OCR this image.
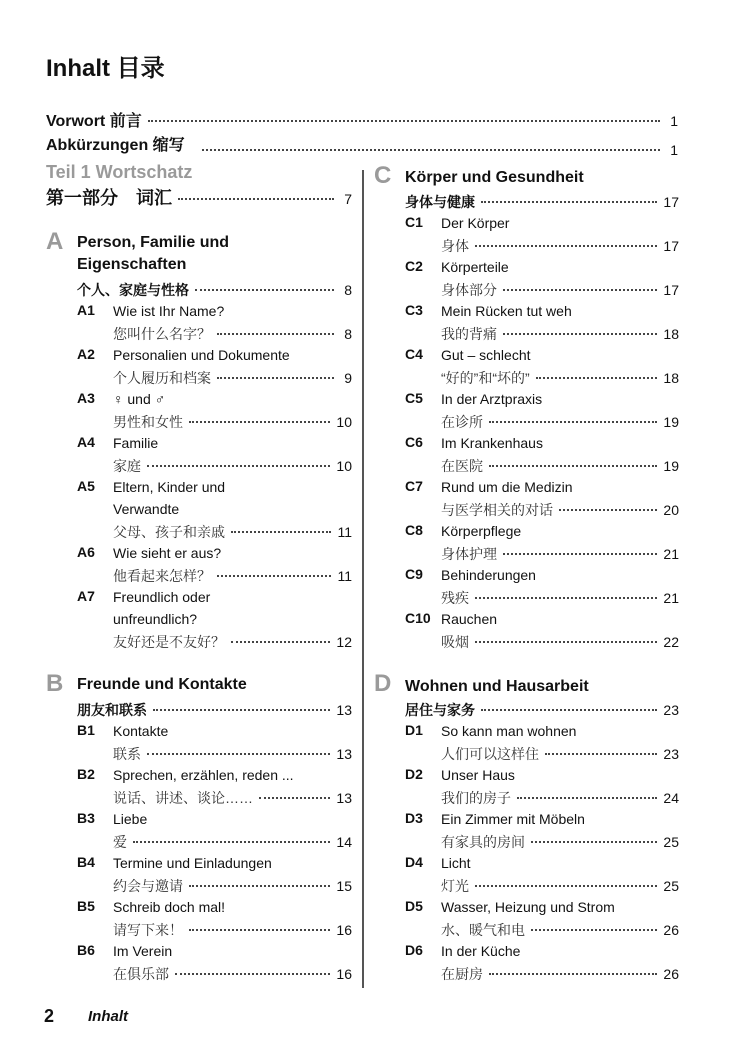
Inhalt 目录
Vorwort 前言	1
Abkürzungen 缩写	1
Teil 1 Wortschatz
第一部分　词汇	7
A Person, Familie und
Eigenschaften
个人、家庭与性格	8
A1 Wie ist Ihr Name?
您叫什么名字？	8
A2 Personalien und Dokumente
个人履历和档案	9
A3 ♀ und ♂
男性和女性	10
A4 Familie
家庭	10
A5 Eltern, Kinder und
Verwandte
父母、孩子和亲戚	11
A6 Wie sieht er aus?
他看起来怎样？	11
A7 Freundlich oder
unfreundlich?
友好还是不友好？	12
B Freunde und Kontakte
朋友和联系	13
B1 Kontakte
联系	13
B2 Sprechen, erzählen, reden ...
说话、讲述、谈论……	13
B3 Liebe
爱	14
B4 Termine und Einladungen
约会与邀请	15
B5 Schreib doch mal!
请写下来！	16
B6 Im Verein
在俱乐部	16
C Körper und Gesundheit
身体与健康	17
C1 Der Körper
身体	17
C2 Körperteile
身体部分	17
C3 Mein Rücken tut weh
我的背痛	18
C4 Gut – schlecht
“好的”和“坏的”	18
C5 In der Arztpraxis
在诊所	19
C6 Im Krankenhaus
在医院	19
C7 Rund um die Medizin
与医学相关的对话	20
C8 Körperpflege
身体护理	21
C9 Behinderungen
残疾	21
C10 Rauchen
吸烟	22
D Wohnen und Hausarbeit
居住与家务	23
D1 So kann man wohnen
人们可以这样住	23
D2 Unser Haus
我们的房子	24
D3 Ein Zimmer mit Möbeln
有家具的房间	25
D4 Licht
灯光	25
D5 Wasser, Heizung und Strom
水、暖气和电	26
D6 In der Küche
在厨房	26
2 Inhalt
